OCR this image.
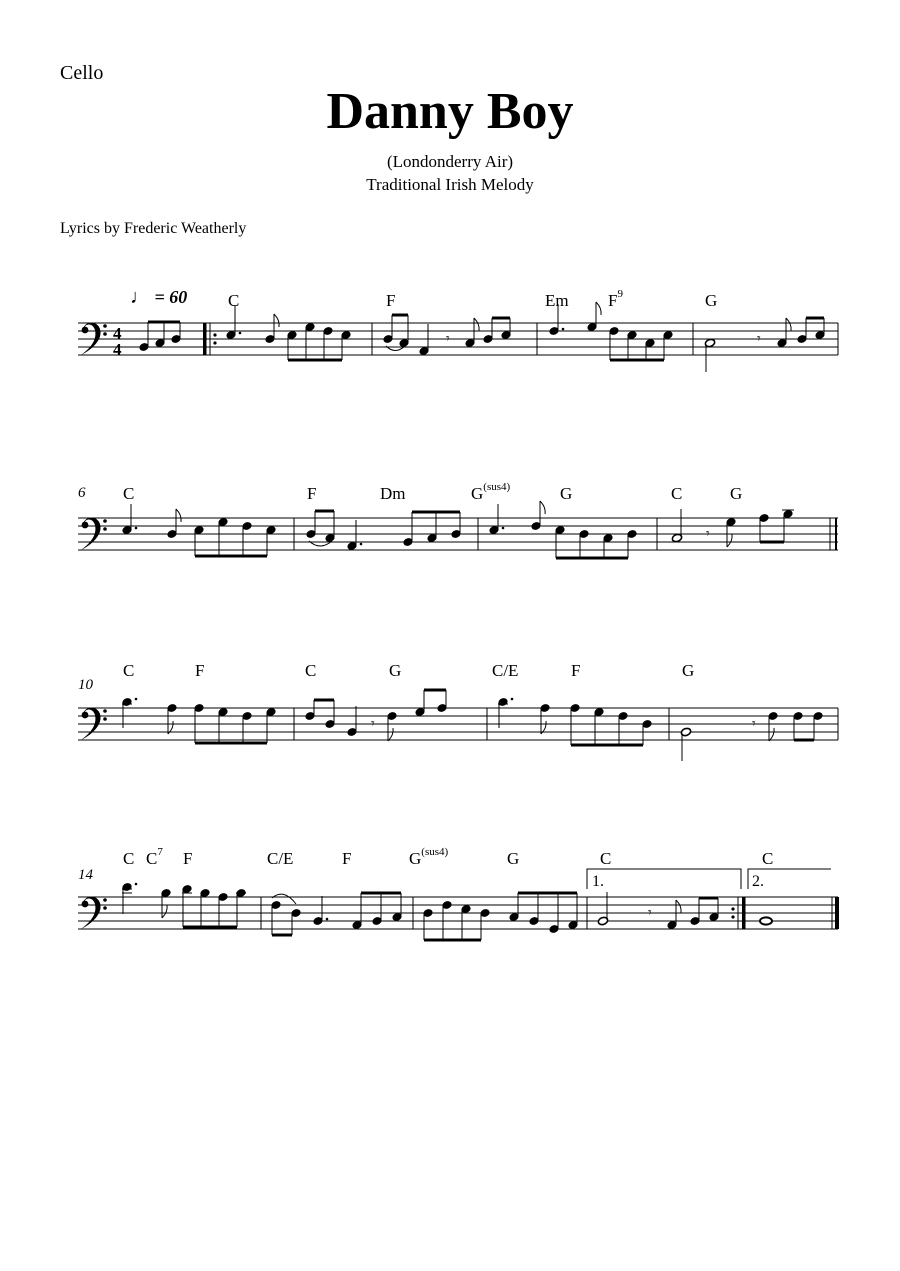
Cello
Danny Boy
(Londonderry Air)
Traditional Irish Melody
Lyrics by Frederic Weatherly
♩ = 60 C	F	Em $F^9$	G
6 C	F	Dm	$G^{(sus4)}$	G	C	G
10
C	F	C	G	C/E	F	G
14
C $C^7$ F	C/E	F	$G^{(sus4)}$	G	C	C
1.	2.
4
4
𝄾	𝄾
𝄾
𝄾	𝄾
𝄾
